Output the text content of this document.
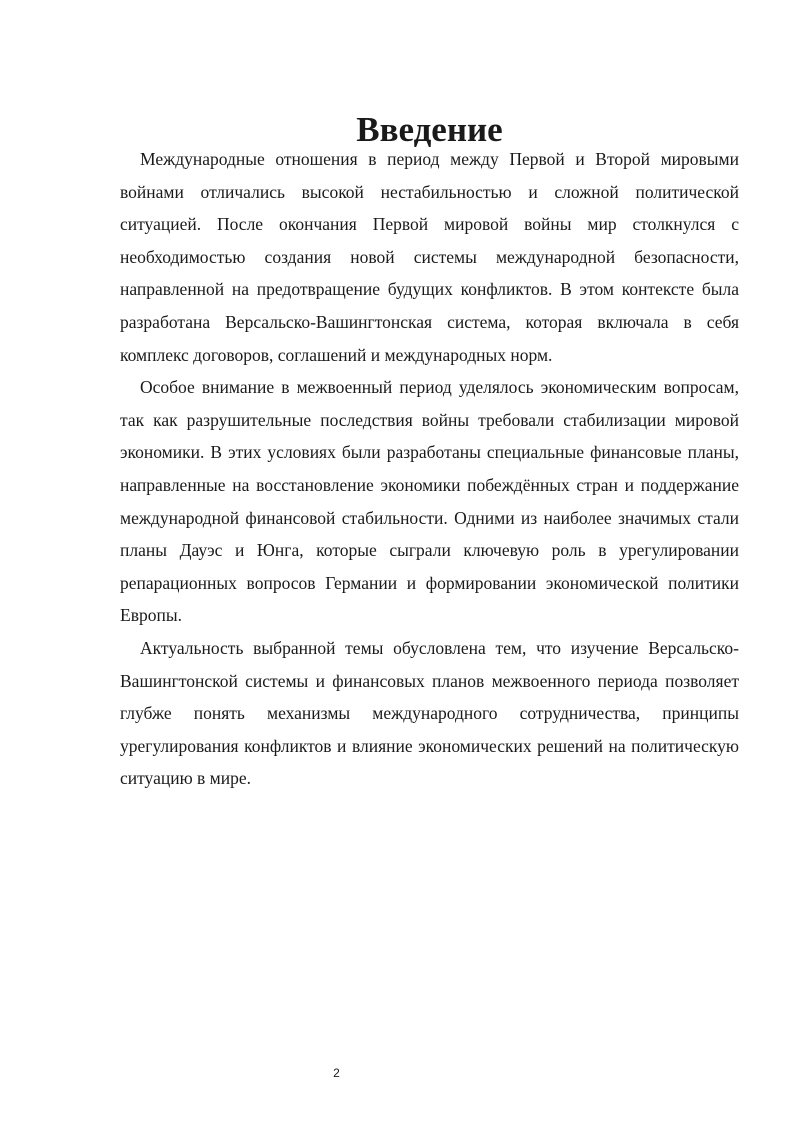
Введение

Международные отношения в период между Первой и Второй мировыми войнами отличались высокой нестабильностью и сложной политической ситуацией. После окончания Первой мировой войны мир столкнулся с необходимостью создания новой системы международной безопасности, направленной на предотвращение будущих конфликтов. В этом контексте была разработана Версальско-Вашингтонская система, которая включала в себя комплекс договоров, соглашений и международных норм.

Особое внимание в межвоенный период уделялось экономическим вопросам, так как разрушительные последствия войны требовали стабилизации мировой экономики. В этих условиях были разработаны специальные финансовые планы, направленные на восстановление экономики побеждённых стран и поддержание международной финансовой стабильности. Одними из наиболее значимых стали планы Дауэс и Юнга, которые сыграли ключевую роль в урегулировании репарационных вопросов Германии и формировании экономической политики Европы.

Актуальность выбранной темы обусловлена тем, что изучение Версальско-Вашингтонской системы и финансовых планов межвоенного периода позволяет глубже понять механизмы международного сотрудничества, принципы урегулирования конфликтов и влияние экономических решений на политическую ситуацию в мире.

2
